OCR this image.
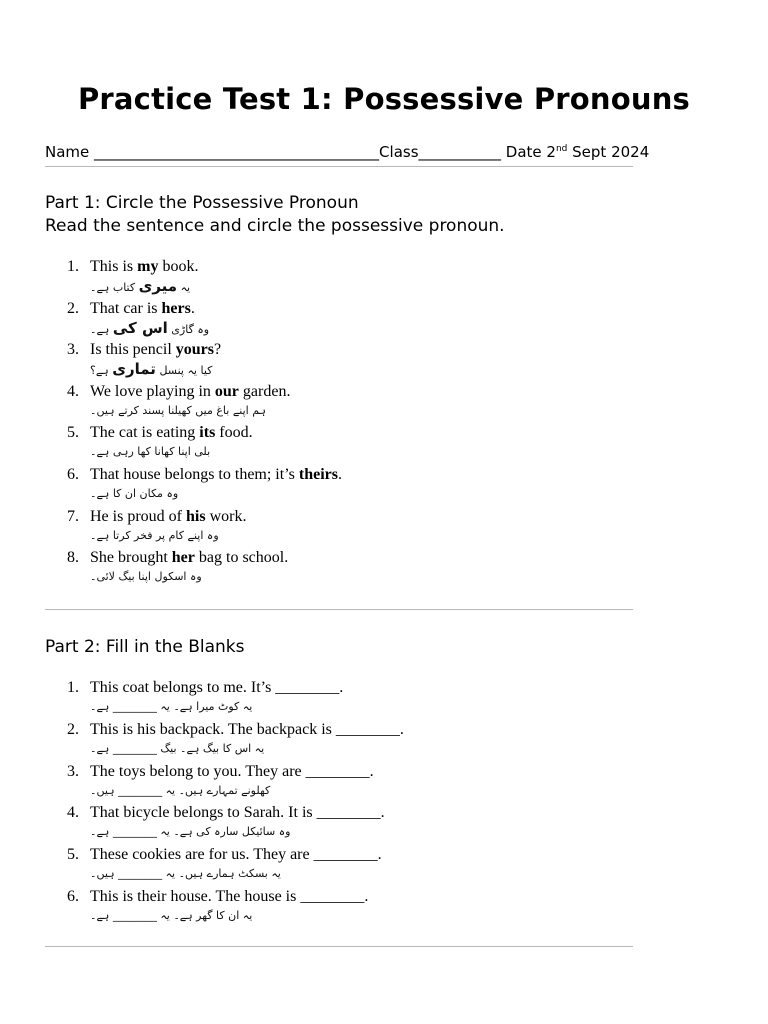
Practice Test 1: Possessive Pronouns
Name ______________________________________Class___________ Date 2nd Sept 2024
Part 1: Circle the Possessive Pronoun
Read the sentence and circle the possessive pronoun.
1. This is my book.
یہ میری کتاب ہے۔
2. That car is hers.
وہ گاڑی اس کی ہے۔
3. Is this pencil yours?
کیا یہ پنسل تماری ہے؟
4. We love playing in our garden.
ہم اپنے باغ میں کھیلنا پسند کرتے ہیں۔
5. The cat is eating its food.
بلی اپنا کھانا کھا رہی ہے۔
6. That house belongs to them; it’s theirs.
وہ مکان ان کا ہے۔
7. He is proud of his work.
وہ اپنے کام پر فخر کرتا ہے۔
8. She brought her bag to school.
وہ اسکول اپنا بیگ لائی۔
Part 2: Fill in the Blanks
1. This coat belongs to me. It’s ________.
یہ کوٹ میرا ہے۔ یہ ________ ہے۔
2. This is his backpack. The backpack is ________.
یہ اس کا بیگ ہے۔ بیگ ________ ہے۔
3. The toys belong to you. They are ________.
کھلونے تمہارے ہیں۔ یہ ________ ہیں۔
4. That bicycle belongs to Sarah. It is ________.
وہ سائیکل سارہ کی ہے۔ یہ ________ ہے۔
5. These cookies are for us. They are ________.
یہ بسکٹ ہمارے ہیں۔ یہ ________ ہیں۔
6. This is their house. The house is ________.
یہ ان کا گھر ہے۔ یہ ________ ہے۔
